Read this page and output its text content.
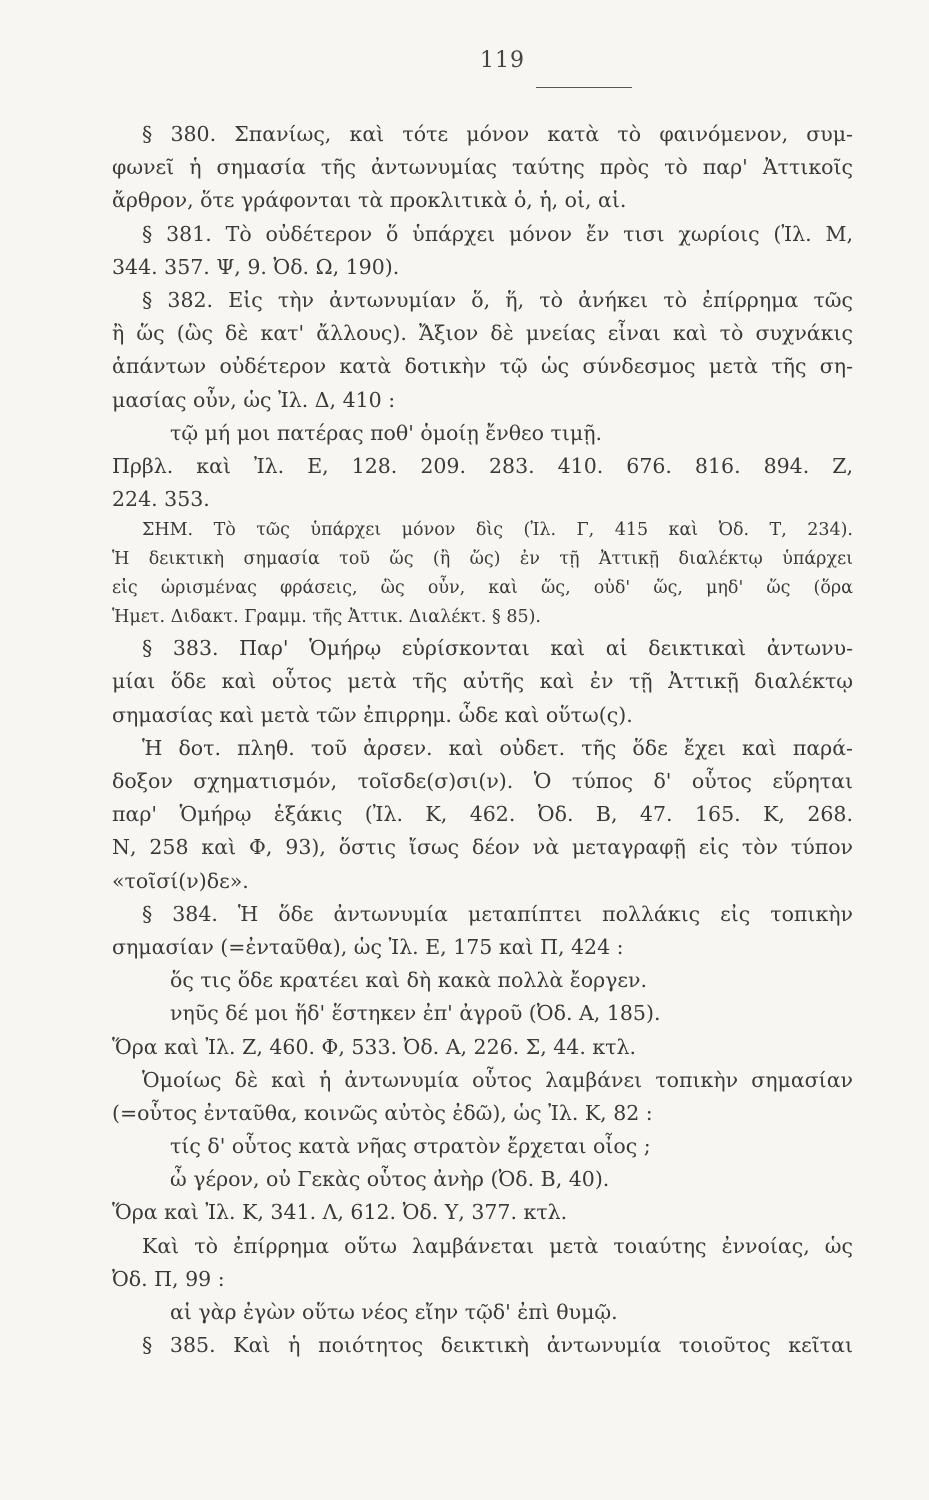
119
§ 380. Σπανίως, καὶ τότε μόνον κατὰ τὸ φαινόμενον, συμ-
φωνεῖ ἡ σημασία τῆς ἀντωνυμίας ταύτης πρὸς τὸ παρ' Ἀττικοῖς
ἄρθρον, ὅτε γράφονται τὰ προκλιτικὰ ὁ, ἡ, οἱ, αἱ.
§ 381. Τὸ οὐδέτερον ὅ ὑπάρχει μόνον ἔν τισι χωρίοις (Ἰλ. Μ,
344. 357. Ψ, 9. Ὀδ. Ω, 190).
§ 382. Εἰς τὴν ἀντωνυμίαν ὅ, ἥ, τὸ ἀνήκει τὸ ἐπίρρημα τῶς
ἢ ὥς (ὣς δὲ κατ' ἄλλους). Ἄξιον δὲ μνείας εἶναι καὶ τὸ συχνάκις
ἁπάντων οὐδέτερον κατὰ δοτικὴν τῷ ὡς σύνδεσμος μετὰ τῆς ση-
μασίας οὖν, ὡς Ἰλ. Δ, 410 :
τῷ μή μοι πατέρας ποθ' ὁμοίῃ ἔνθεο τιμῇ.
Πρβλ. καὶ Ἰλ. Ε, 128. 209. 283. 410. 676. 816. 894. Ζ,
224. 353.
ΣΗΜ. Τὸ τῶς ὑπάρχει μόνον δὶς (Ἰλ. Γ, 415 καὶ Ὀδ. Τ, 234).
Ἡ δεικτικὴ σημασία τοῦ ὥς (ἢ ὥς) ἐν τῇ Ἀττικῇ διαλέκτῳ ὑπάρχει
εἰς ὡρισμένας φράσεις, ὣς οὖν, καὶ ὥς, οὐδ' ὥς, μηδ' ὥς (ὅρα
Ἡμετ. Διδακτ. Γραμμ. τῆς Ἀττικ. Διαλέκτ. § 85).
§ 383. Παρ' Ὁμήρῳ εὑρίσκονται καὶ αἱ δεικτικαὶ ἀντωνυ-
μίαι ὅδε καὶ οὗτος μετὰ τῆς αὐτῆς καὶ ἐν τῇ Ἀττικῇ διαλέκτῳ
σημασίας καὶ μετὰ τῶν ἐπιρρημ. ὧδε καὶ οὕτω(ς).
Ἡ δοτ. πληθ. τοῦ ἀρσεν. καὶ οὐδετ. τῆς ὅδε ἔχει καὶ παρά-
δοξον σχηματισμόν, τοῖσδε(σ)σι(ν). Ὁ τύπος δ' οὗτος εὕρηται
παρ' Ὁμήρῳ ἑξάκις (Ἰλ. Κ, 462. Ὀδ. Β, 47. 165. Κ, 268.
Ν, 258 καὶ Φ, 93), ὅστις ἴσως δέον νὰ μεταγραφῇ εἰς τὸν τύπον
«τοῖσί(ν)δε».
§ 384. Ἡ ὅδε ἀντωνυμία μεταπίπτει πολλάκις εἰς τοπικὴν
σημασίαν (=ἐνταῦθα), ὡς Ἰλ. Ε, 175 καὶ Π, 424 :
ὅς τις ὅδε κρατέει καὶ δὴ κακὰ πολλὰ ἔοργεν.
νηῦς δέ μοι ἥδ' ἕστηκεν ἐπ' ἀγροῦ (Ὀδ. Α, 185).
Ὅρα καὶ Ἰλ. Ζ, 460. Φ, 533. Ὀδ. Α, 226. Σ, 44. κτλ.
Ὁμοίως δὲ καὶ ἡ ἀντωνυμία οὗτος λαμβάνει τοπικὴν σημασίαν
(=οὗτος ἐνταῦθα, κοινῶς αὐτὸς ἐδῶ), ὡς Ἰλ. Κ, 82 :
τίς δ' οὗτος κατὰ νῆας στρατὸν ἔρχεται οἶος ;
ὦ γέρον, οὐ Γεκὰς οὗτος ἀνὴρ (Ὀδ. Β, 40).
Ὅρα καὶ Ἰλ. Κ, 341. Λ, 612. Ὀδ. Υ, 377. κτλ.
Καὶ τὸ ἐπίρρημα οὕτω λαμβάνεται μετὰ τοιαύτης ἐννοίας, ὡς
Ὀδ. Π, 99 :
αἱ γὰρ ἐγὼν οὕτω νέος εἴην τῷδ' ἐπὶ θυμῷ.
§ 385. Καὶ ἡ ποιότητος δεικτικὴ ἀντωνυμία τοιοῦτος κεῖται
